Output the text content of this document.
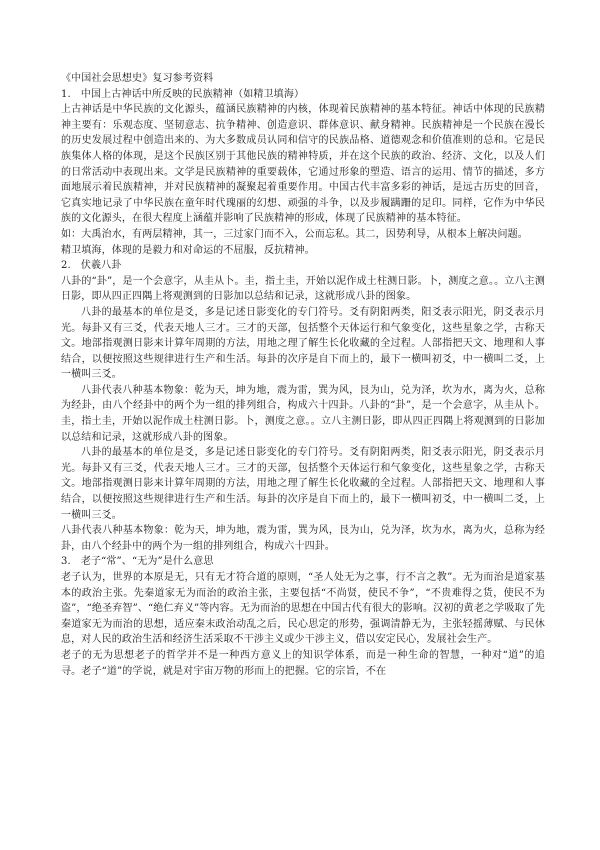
《中国社会思想史》复习参考资料

1.   中国上古神话中所反映的民族精神（如精卫填海）

上古神话是中华民族的文化源头，蕴涵民族精神的内核，体现着民族精神的基本特征。神话中体现的民族精神主要有：乐观态度、坚韧意志、抗争精神、创造意识、群体意识、献身精神。民族精神是一个民族在漫长的历史发展过程中创造出来的、为大多数成员认同和信守的民族品格、道德观念和价值准则的总和。它是民族集体人格的体现，是这个民族区别于其他民族的精神特质，并在这个民族的政治、经济、文化，以及人们的日常活动中表现出来。文学是民族精神的重要载体，它通过形象的塑造、语言的运用、情节的描述，多方面地展示着民族精神，并对民族精神的凝聚起着重要作用。中国古代丰富多彩的神话，是远古历史的回音，它真实地记录了中华民族在童年时代瑰丽的幻想、顽强的斗争，以及步履蹒跚的足印。同样，它作为中华民族的文化源头，在很大程度上涵蕴并影响了民族精神的形成，体现了民族精神的基本特征。

如：大禹治水，有两层精神，其一，三过家门而不入，公而忘私。其二，因势利导，从根本上解决问题。

精卫填海，体现的是毅力和对命运的不屈服，反抗精神。

2.   伏羲八卦

八卦的“卦”，是一个会意字，从圭从卜。圭，指土圭，开始以泥作成土柱测日影。卜，测度之意。。立八主测日影，即从四正四隅上将观测到的日影加以总结和记录，这就形成八卦的图象。

八卦的最基本的单位是爻，多是记述日影变化的专门符号。爻有阴阳两类，阳爻表示阳光，阴爻表示月光。每卦又有三爻，代表天地人三才。三才的天部，包括整个天体运行和气象变化，这些星象之学，古称天文。地部指观测日影来计算年周期的方法，用地之理了解生长化收藏的全过程。人部指把天文、地理和人事结合，以便按照这些规律进行生产和生活。每卦的次序是自下而上的，最下一横叫初爻，中一横叫二爻，上一横叫三爻。

八卦代表八种基本物象：乾为天，坤为地，震为雷，巽为风，艮为山，兑为泽，坎为水，离为火，总称为经卦，由八个经卦中的两个为一组的排列组合，构成六十四卦。八卦的“卦”，是一个会意字，从圭从卜。圭，指土圭，开始以泥作成土柱测日影。卜，测度之意。。立八主测日影，即从四正四隅上将观测到的日影加以总结和记录，这就形成八卦的图象。

八卦的最基本的单位是爻，多是记述日影变化的专门符号。爻有阴阳两类，阳爻表示阳光，阴爻表示月光。每卦又有三爻，代表天地人三才。三才的天部，包括整个天体运行和气象变化，这些星象之学，古称天文。地部指观测日影来计算年周期的方法，用地之理了解生长化收藏的全过程。人部指把天文、地理和人事结合，以便按照这些规律进行生产和生活。每卦的次序是自下而上的，最下一横叫初爻，中一横叫二爻，上一横叫三爻。

八卦代表八种基本物象：乾为天，坤为地，震为雷，巽为风，艮为山，兑为泽，坎为水，离为火，总称为经卦，由八个经卦中的两个为一组的排列组合，构成六十四卦。

3.   老子“常”、“无为”是什么意思

老子认为，世界的本原是无，只有无才符合道的原则，“圣人处无为之事，行不言之教”。无为而治是道家基本的政治主张。先秦道家无为而治的政治主张，主要包括“不尚贤，使民不争”，“不贵难得之货，使民不为盗”，“绝圣弃智”、“绝仁弃义”等内容。无为而治的思想在中国古代有很大的影响。汉初的黄老之学吸取了先秦道家无为而治的思想，适应秦末政治动乱之后，民心思定的形势，强调清静无为，主张轻摇薄赋、与民休息，对人民的政治生活和经济生活采取不干涉主义或少干涉主义，借以安定民心，发展社会生产。

老子的无为思想老子的哲学并不是一种西方意义上的知识学体系，而是一种生命的智慧，一种对“道”的追寻。老子“道”的学说，就是对宇宙万物的形而上的把握。它的宗旨，不在
